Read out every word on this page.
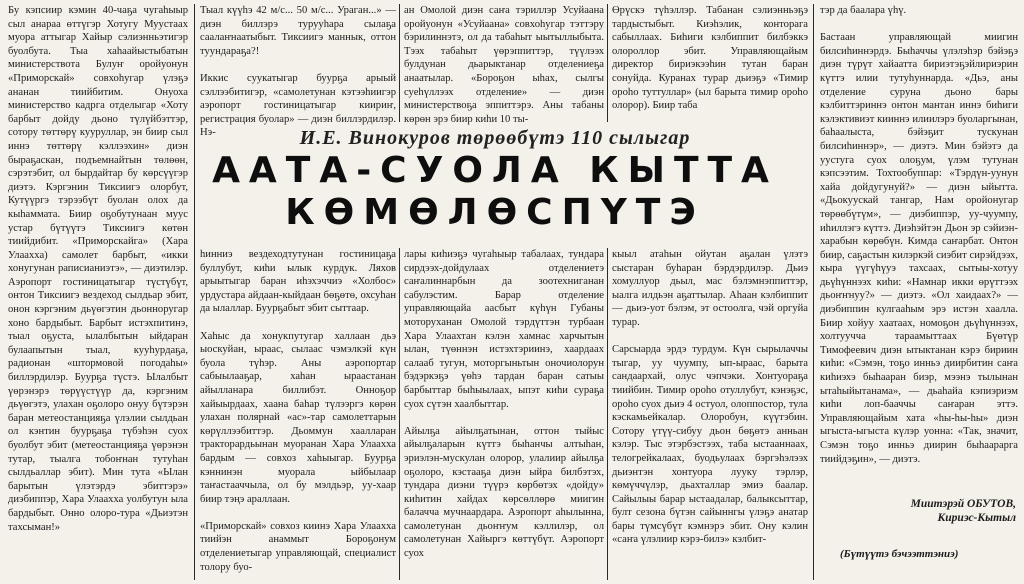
Бу кэпсиир кэмин 40-чаҕа чугаһыыр сыл анараа өттүгэр Хотугу Муустаах муора аттыгар Хайыр сэлиэнньэтигэр буолбута. Тыа хаһаайыстыбатын министерствота Булуҥ оройуонун «Приморскай» совхоһугар үлэҕэ ананан тиийбитим. Онуоха министерство кадрга отделыгар «Хоту барбыт дойду дьоно түлүйбэттэр, сотору төттөрү кууруллар, эн биир сыл иннэ төттөрү кэллээхин» диэн быраҕаскан, подъемнайтын төлөөн, сэрэтэбит, ол бырдайтар бу көрсүүгэр диэтэ. Кэргэнин Тиксиигэ олорбут, Кутүүргэ тэрээбүт буолан олох да кыһаммата. Биир оҕобутунаан муус устар бүтүүтэ Тиксиигэ көтөн тиийдибит. «Приморскайга» (Хара Улаахха) самолет барбыт, «икки хонугунан раписианиэтэ», — диэтилэр. Аэропорт гостиницатыгар түстүбүт, онтон Тиксиигэ вездеход сылдьар эбит, онон кэргэним дьүөгэтин дьонноругар хоно бардыбыт. Барбыт истэхпитинэ, тыал оҕуста, ылалбытын ыйдаран булаапытын тыал, кууһурдаҕа, радионан «штормовой погодаһы» биллэрдилэр. Буурҕа түстэ. Ылалбыт үөрэнэрэ төрүүстүүр да, кэргэним дьүөгэтэ, улахан оҕолоро онуу бүтэрэн баран метеостанцияҕа үлэлии сылдьан ол кэнтин буурҕаҕа түбэһэн суох буолбут эбит (метеостанцияҕа үөрэнэн тутар, тыалга тобоҥнан тутуһан сылдьаллар эбит). Мин тута «Ылан барытын үлэтэрдэ эбиттэрэ» диэбиппэр, Хара Улаахха уолбутун ыла бардыбыт. Онно олоро-тура «Дьиэтэн тахсыман!»

Тыал күүһэ 42 м/с... 50 м/с... Ураган...» — диэн биллэрэ турууһара сылаҕа саалаҥнаатыбыт. Тиксиигэ маннык, оттон туундараҕа?!

Иккис суукатыгар буурҕа арыый сэллээбитигэр, «самолетунан кэтээһиигэр аэропорт гостиницатыгар киириҥ, регистрация буолар» — диэн биллэрдилэр. Нэ-

ан Омолой диэн саҥа тэриллэр Усуйаана оройуонун «Усуйаана» совхоһугар тэттэру бэрилиннэтэ, ол да табаһыт ыытыллыбыта. Тээх табаһыт үөрэппиттэр, түүлээх булдунан дьарыктанар отделениеҕа анаатылар. «Бороҕон ыһах, сылгы суеһүллээх отделение» — диэн министерствоҕа эппиттэрэ. Аны табаны көрөн эрэ биир киһи 10 ты-

Өрүскэ түһэллэр. Табанан сэлиэнньэҕэ тардыстыбыт. Киэһэлик, конторага сабыллаах. Биһиги кэлбиппит билбэккэ олороллор эбит. Управляющайым директор бириэкээһин тутан баран сонуйда. Куранах турар дьиэҕэ «Тимир ороһо туттуллар» (ыл барыта тимир ороһо олорор). Биир таба

И.Е. Винокуров төрөөбүтэ 110 сылыгар
ААТА-СУОЛА КЫТТА
КӨМӨЛӨСПҮТЭ

һинниэ вездеходтутунан гостиницаҕа буллубут, киһи ылык курдук. Ляхов арыытыгар баран иһэхэччиэ «Холбос» урдустара айдаан-кыйдаан бөҕөтө, охсуһан да ылаллар. Буурҕабыт эбит сыттаар.

Хаһыс да хонукпутугар халлаан дьэ ыоскуйан, ыраас, сылаас чэмэлкэй күн буола түһэр. Аны аэропортар сабыылааҕар, хаһан ыраастанан айылланара биллибэт. Онноҕор хайыырдаах, хаана баһар түлээргэ көрөн улахан полярнай «ас»-тар самолеттарын көрүллээбиттэр. Дьоммун хаалларан тракторардьынан муоранан Хара Улаахха бардым — совхоз хаһыыгар. Буурҕа кэннинэн муорала ыйбылаар таҥастааччыла, ол бу мэлдьэр, уу-хаар биир тэңэ араллаан.

«Приморскай» совхоз киинэ Хара Улаахха тиийэн анаммыт Бороҕонум отделениетыгар управляющай, специалист толору буо-

лары киһиэҕэ чугаһыыр табалаах, тундара сирдээх-дойдулаах отделениетэ саҥалиннарбын да зоотехниганан сабулэстим. Барар отделение управляющайа аасбыт күһүн Губаны моторуханан Омолой тэрдүттэн турбаан Хара Улаахтан кэлэн хамнас харчытын ылан, түөннэн истэхтэриинэ, хаардаах салааб тугун, моторгыньтын оночиолорун бэдэркэҕэ үөһэ тардан баран сатыы барбыттар быһыылаах, ыпэт киһи сураҕа суох сүтэн хаалбыттар.

Айылҕа айылҕатынан, оттон тыйыс айылҕаларын күттэ быһанчы алтыһан, эриэлэн-мускулан олорор, улалиир айылҕа оҕолоро, кэстааҕа диэн ыйра билбэтэх, тундара диэни түүрэ көрбөтэх «дойду» киһитин хайдах көрсөллөрө миигин балачча мучнаардара. Аэропорт аһылынна, самолетунан дьоҥҥум кэллилэр, ол самолетунан Хайыргэ көттүбүт. Аэропорт суох

кыыл атаһын ойутан аҕалан үлэтэ сыстаран буһаран бэрдэрдилэр. Дьиэ хомуллуор дьыл, мас бэлэмнэппиттэр, ыалга илдьэн аҕаттылар. Аһаан кэлбиппит — дьиэ-уот бэлэм, эт остоолга, чэй оргуйа турар.

Сарсыарда эрдэ турдум. Күн сырылаччы тыгар, уу чуумпу, ып-ыраас, барыта сандаархай, олус чэпчэки. Хонтуораҕа тиийбин. Тимир ороһо отуллубут, кэнэҕэс, ороһо суох дьиэ 4 остуол, олоппостор, тула кэскамьейкалар. Олоробун, күүтэбин. Сотору үтүү-сибуу дьон бөҕөтэ анньан кэлэр. Тыс этэрбэстээх, таба ыстааннаах, телогрейкалаах, буодьулаах бэргэһэлээх дьиэнтэн хонтуора лууку тэрлэр, көмүччүлэр, дьахталлар эмиэ баалар. Сайылыы барар ыстаадалар, балыксыттар, булт сезона бүтэн сайыннгы үлэҕэ анатар бары түмсүбүт кэмнэрэ эбит. Ону кэлин «саҥа үлэлиир кэрэ-билэ» кэлбит-

тэр да баалара үһү.

Бастаан управляющай миигин билсиһиннэрдэ. Быһаччы үлэлэһэр бэйэҕэ диэн түрүт хайаатта бириэтэҕэйлириэрин күттэ илии тутуһуннарда. «Дьэ, аны отделение суруна дьоно бары кэлбиттэриннэ онтон мантан иннэ биһиги кэлэктивиэт кииннэ илиилэрэ буоларгынан, баһаалыста, бэйэҕит тускунан билсиһиннэр», — диэтэ. Мин бэйэтэ да уустуга суох олоҕум, үлэм тутунан кэпсээтим. Тохтообуппар: «Тэрдүн-уунун хайа дойдугунуй?» — диэн ыйытта. «Дьокуускай тангар, Нам оройонугар төрөөбүтүм», — диэбиппэр, уу-чуумпу, иһиллэгэ күттэ. Диэһэйтэн Дьон эр сэйиэн-харабын көрөбүн. Кимда саҥарбат. Онтон биир, саҕастын килэркэй сиэбит сирэйдээх, кыра үүгүһүуэ тахсаах, сытыы-хотуу дьүһүннээх киһи: «Намнар икки өрүттээх дьоҥҥнуу?» — диэтэ. «Ол хаидаах?» — диэбиппин кулгааһым эрэ истэн хаалла. Биир хойуу хаатаах, номоҕон дьүһүннээх, холтуучча тараамыттаах Бүөтүр Тимофеевич диэн ытыктанан кэрэ бириин киһи: «Сэмэн, тоҕо инньэ диирбитин саҥа киһиэхэ быһааран биэр, мээнэ тылынан ытаһыйытанама», — дьаһайа кэпиэриэм киһи лоп-бааччы саҥаран эттэ. Управляющайым хата «һы-һы-һы» диэн ыгыста-ыгыста күлэр уонна: «Так, значит, Сэмэн тоҕо инньэ диирин быһаарарга тиийдэҕин», — диэтэ.

Миитэрэй ОБУТОВ,
Кириэс-Кытыл
(Бүтүүтэ бэчээттэниэ)
